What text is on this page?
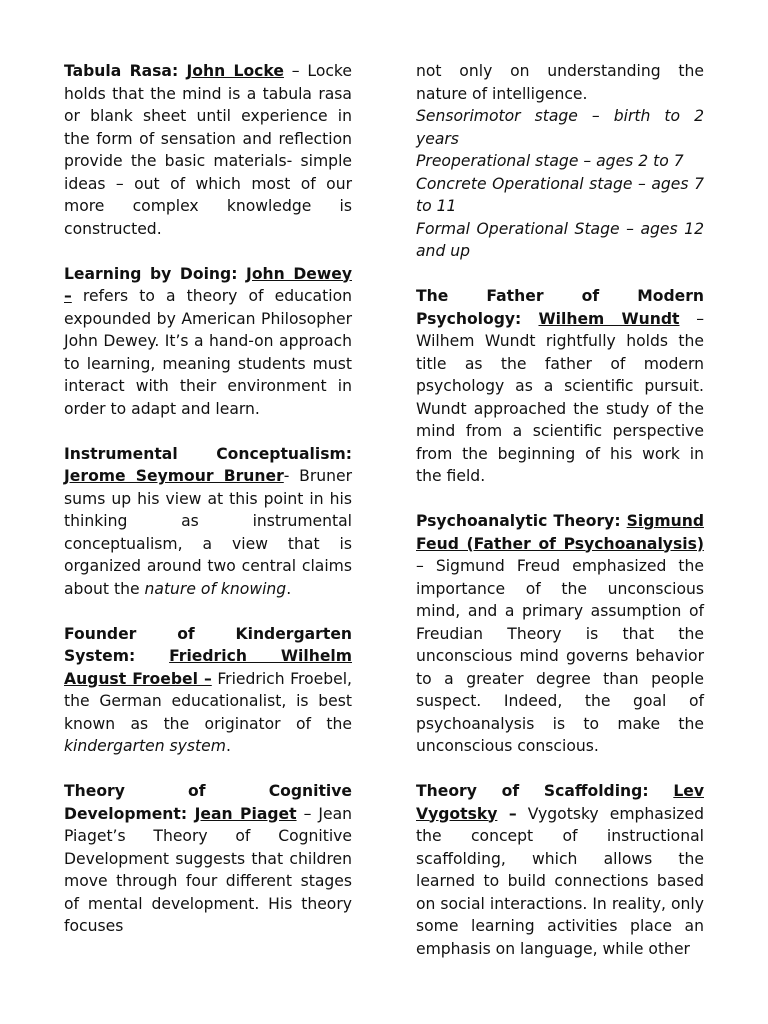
Tabula Rasa: John Locke – Locke holds that the mind is a tabula rasa or blank sheet until experience in the form of sensation and reflection provide the basic materials- simple ideas – out of which most of our more complex knowledge is constructed.

Learning by Doing: John Dewey – refers to a theory of education expounded by American Philosopher John Dewey. It’s a hand-on approach to learning, meaning students must interact with their environment in order to adapt and learn.

Instrumental Conceptualism: Jerome Seymour Bruner- Bruner sums up his view at this point in his thinking as instrumental conceptualism, a view that is organized around two central claims about the nature of knowing.

Founder of Kindergarten System: Friedrich Wilhelm August Froebel – Friedrich Froebel, the German educationalist, is best known as the originator of the kindergarten system.

Theory of Cognitive Development: Jean Piaget – Jean Piaget’s Theory of Cognitive Development suggests that children move through four different stages of mental development. His theory focuses

not only on understanding the nature of intelligence.

Sensorimotor stage – birth to 2 years

Preoperational stage – ages 2 to 7

Concrete Operational stage – ages 7 to 11

Formal Operational Stage – ages 12 and up

The Father of Modern Psychology: Wilhem Wundt – Wilhem Wundt rightfully holds the title as the father of modern psychology as a scientific pursuit. Wundt approached the study of the mind from a scientific perspective from the beginning of his work in the field.

Psychoanalytic Theory: Sigmund Feud (Father of Psychoanalysis) – Sigmund Freud emphasized the importance of the unconscious mind, and a primary assumption of Freudian Theory is that the unconscious mind governs behavior to a greater degree than people suspect. Indeed, the goal of psychoanalysis is to make the unconscious conscious.

Theory of Scaffolding: Lev Vygotsky – Vygotsky emphasized the concept of instructional scaffolding, which allows the learned to build connections based on social interactions. In reality, only some learning activities place an emphasis on language, while other
